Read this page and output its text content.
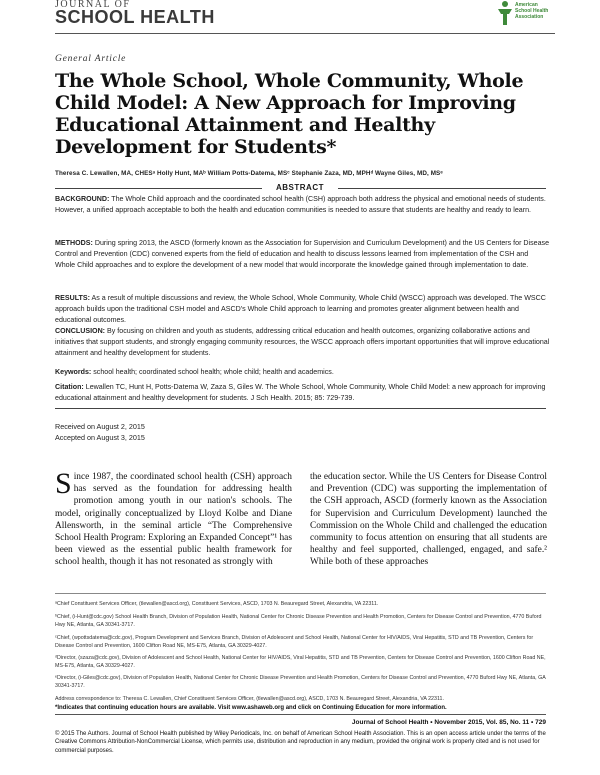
JOURNAL OF
SCHOOL HEALTH
American School Health Association
General Article
The Whole School, Whole Community, Whole Child Model: A New Approach for Improving Educational Attainment and Healthy Development for Students*
Theresa C. Lewallen, MA, CHESᵃ Holly Hunt, MAᵇ William Potts-Datema, MSᶜ Stephanie Zaza, MD, MPHᵈ Wayne Giles, MD, MSᵉ
ABSTRACT
BACKGROUND: The Whole Child approach and the coordinated school health (CSH) approach both address the physical and emotional needs of students. However, a unified approach acceptable to both the health and education communities is needed to assure that students are healthy and ready to learn.
METHODS: During spring 2013, the ASCD (formerly known as the Association for Supervision and Curriculum Development) and the US Centers for Disease Control and Prevention (CDC) convened experts from the field of education and health to discuss lessons learned from implementation of the CSH and Whole Child approaches and to explore the development of a new model that would incorporate the knowledge gained through implementation to date.
RESULTS: As a result of multiple discussions and review, the Whole School, Whole Community, Whole Child (WSCC) approach was developed. The WSCC approach builds upon the traditional CSH model and ASCD's Whole Child approach to learning and promotes greater alignment between health and educational outcomes.
CONCLUSION: By focusing on children and youth as students, addressing critical education and health outcomes, organizing collaborative actions and initiatives that support students, and strongly engaging community resources, the WSCC approach offers important opportunities that will improve educational attainment and healthy development for students.
Keywords: school health; coordinated school health; whole child; health and academics.
Citation: Lewallen TC, Hunt H, Potts-Datema W, Zaza S, Giles W. The Whole School, Whole Community, Whole Child Model: a new approach for improving educational attainment and healthy development for students. J Sch Health. 2015; 85: 729-739.
Received on August 2, 2015
Accepted on August 3, 2015
S ince 1987, the coordinated school health (CSH) approach has served as the foundation for addressing health promotion among youth in our nation's schools. The model, originally conceptualized by Lloyd Kolbe and Diane Allensworth, in the seminal article “The Comprehensive School Health Program: Exploring an Expanded Concept”¹ has been viewed as the essential public health framework for school health, though it has not resonated as strongly with
the education sector. While the US Centers for Disease Control and Prevention (CDC) was supporting the implementation of the CSH approach, ASCD (formerly known as the Association for Supervision and Curriculum Development) launched the Commission on the Whole Child and challenged the education community to focus attention on ensuring that all students are healthy and feel supported, challenged, engaged, and safe.² While both of these approaches
ᵃChief Constituent Services Officer, (tlewallen@ascd.org), Constituent Services, ASCD, 1703 N. Beauregard Street, Alexandria, VA 22311.
ᵇChief, (i-Hunt@cdc.gov) School Health Branch, Division of Population Health, National Center for Chronic Disease Prevention and Health Promotion, Centers for Disease Control and Prevention, 4770 Buford Hwy NE, Atlanta, GA 30341-3717.
ᶜChief, (wpottsdatema@cdc.gov), Program Development and Services Branch, Division of Adolescent and School Health, National Center for HIV/AIDS, Viral Hepatitis, STD and TB Prevention, Centers for Disease Control and Prevention, 1600 Clifton Road NE, MS-E75, Atlanta, GA 30329-4027.
ᵈDirector, (szaza@cdc.gov), Division of Adolescent and School Health, National Center for HIV/AIDS, Viral Hepatitis, STD and TB Prevention, Centers for Disease Control and Prevention, 1600 Clifton Road NE, MS-E75, Atlanta, GA 30329-4027.
ᵉDirector, (i-Giles@cdc.gov), Division of Population Health, National Center for Chronic Disease Prevention and Health Promotion, Centers for Disease Control and Prevention, 4770 Buford Hwy NE, Atlanta, GA 30341-3717.
Address correspondence to: Theresa C. Lewallen, Chief Constituent Services Officer, (tlewallen@ascd.org), ASCD, 1703 N. Beauregard Street, Alexandria, VA 22311.
*Indicates that continuing education hours are available. Visit www.ashaweb.org and click on Continuing Education for more information.
Journal of School Health • November 2015, Vol. 85, No. 11 • 729
© 2015 The Authors. Journal of School Health published by Wiley Periodicals, Inc. on behalf of American School Health Association. This is an open access article under the terms of the Creative Commons Attribution-NonCommercial License, which permits use, distribution and reproduction in any medium, provided the original work is properly cited and is not used for commercial purposes.
